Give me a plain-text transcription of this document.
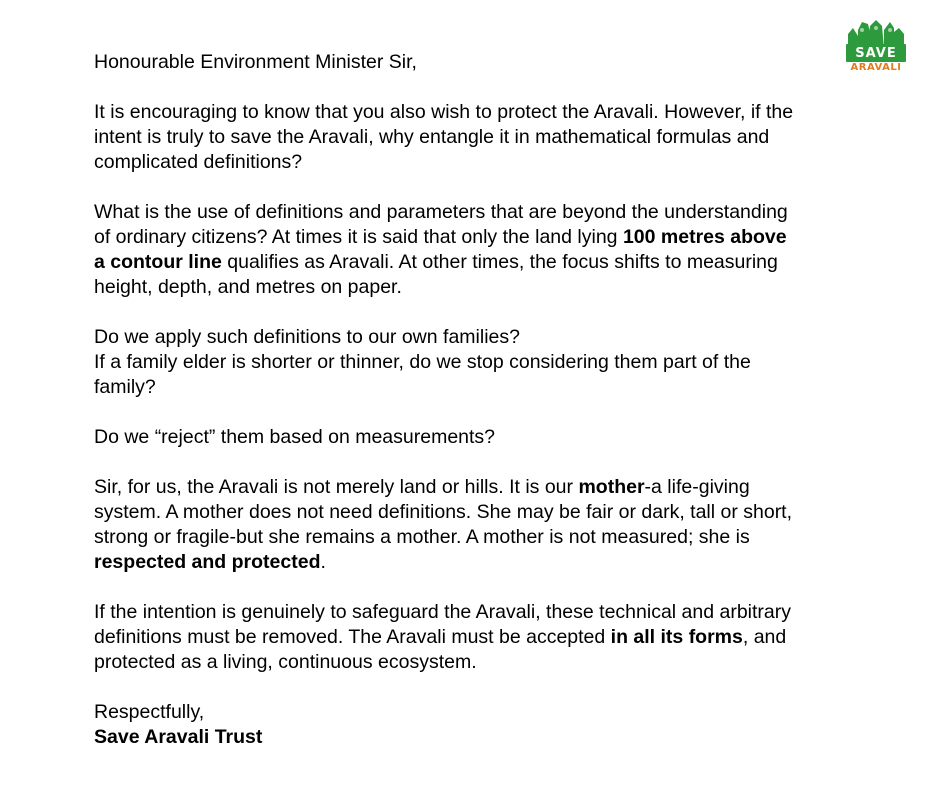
SAVE
ARAVALI

Honourable Environment Minister Sir,

It is encouraging to know that you also wish to protect the Aravali. However, if the
intent is truly to save the Aravali, why entangle it in mathematical formulas and
complicated definitions?

What is the use of definitions and parameters that are beyond the understanding
of ordinary citizens? At times it is said that only the land lying 100 metres above
a contour line qualifies as Aravali. At other times, the focus shifts to measuring
height, depth, and metres on paper.

Do we apply such definitions to our own families?
If a family elder is shorter or thinner, do we stop considering them part of the
family?

Do we “reject” them based on measurements?

Sir, for us, the Aravali is not merely land or hills. It is our mother-a life-giving
system. A mother does not need definitions. She may be fair or dark, tall or short,
strong or fragile-but she remains a mother. A mother is not measured; she is
respected and protected.

If the intention is genuinely to safeguard the Aravali, these technical and arbitrary
definitions must be removed. The Aravali must be accepted in all its forms, and
protected as a living, continuous ecosystem.

Respectfully,
Save Aravali Trust
